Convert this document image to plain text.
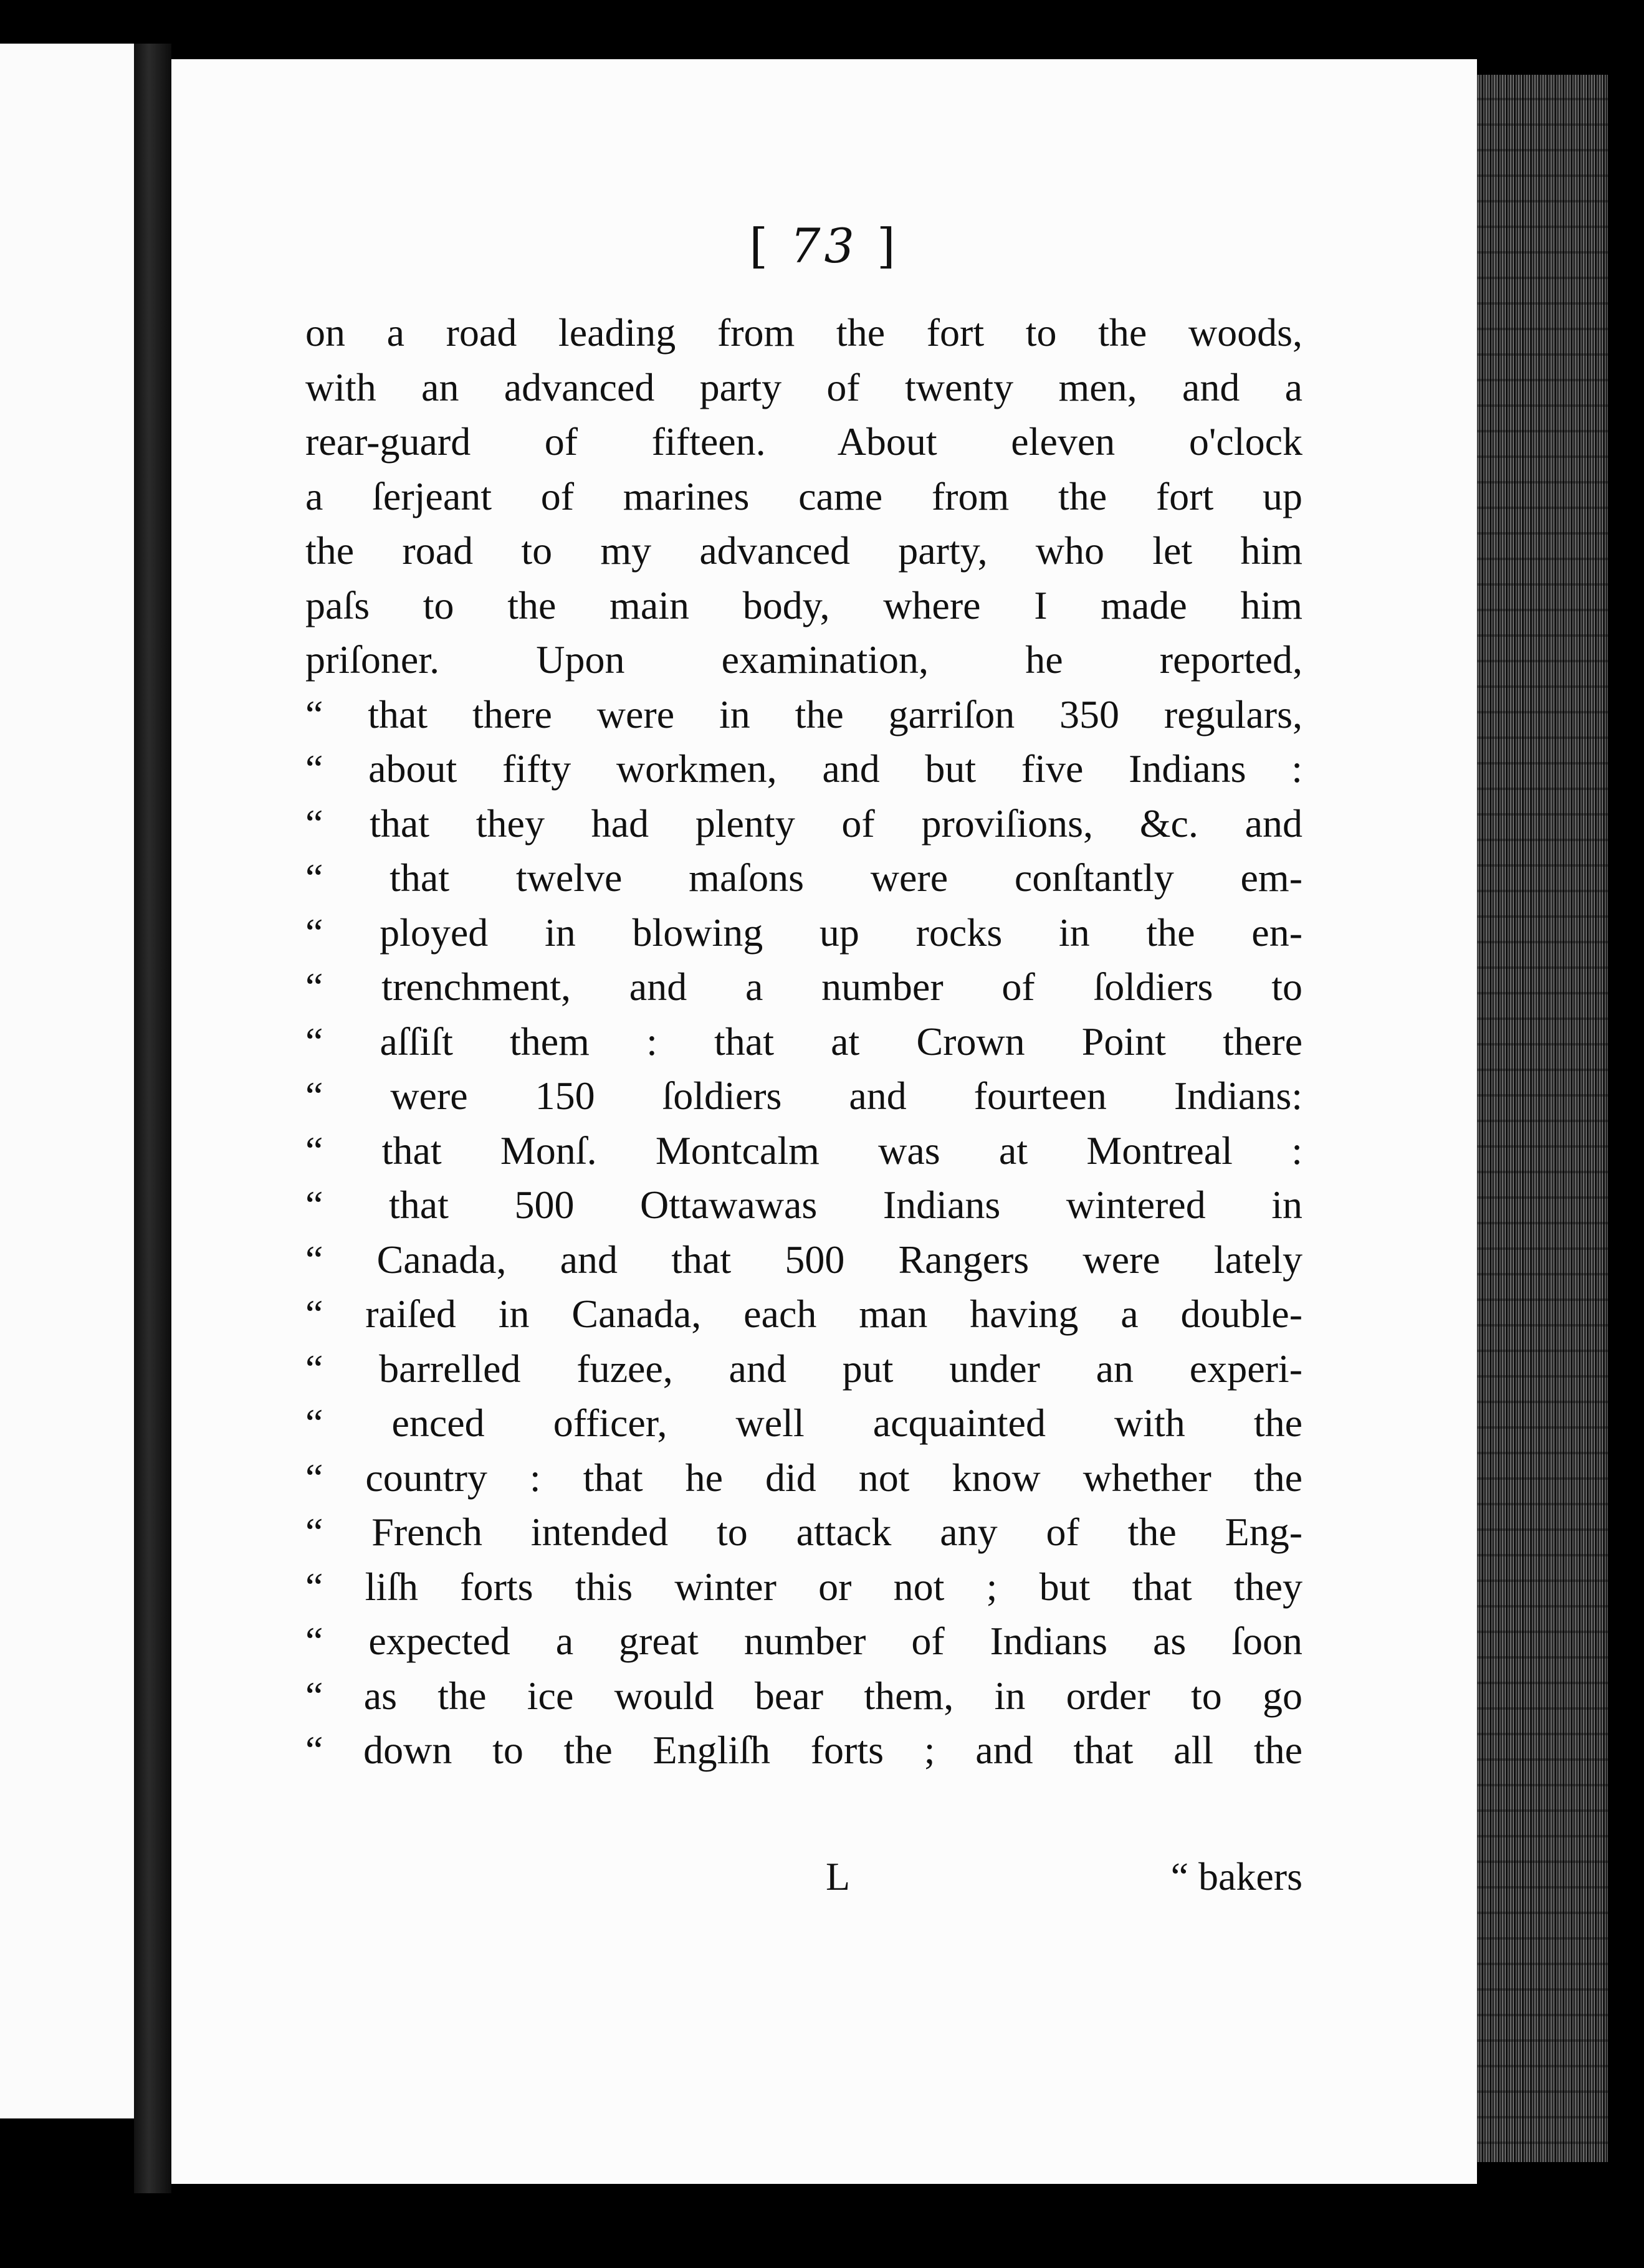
[ 73 ]
on a road leading from the fort to the woods,
with an advanced party of twenty men, and a
rear-guard of fifteen. About eleven o'clock
a ſerjeant of marines came from the fort up
the road to my advanced party, who let him
paſs to the main body, where I made him
priſoner. Upon examination, he reported,
“ that there were in the garriſon 350 regulars,
“ about fifty workmen, and but five Indians :
“ that they had plenty of proviſions, &c. and
“ that twelve maſons were conſtantly em-
“ ployed in blowing up rocks in the en-
“ trenchment, and a number of ſoldiers to
“ aſſiſt them : that at Crown Point there
“ were 150 ſoldiers and fourteen Indians:
“ that Monſ. Montcalm was at Montreal :
“ that 500 Ottawawas Indians wintered in
“ Canada, and that 500 Rangers were lately
“ raiſed in Canada, each man having a double-
“ barrelled fuzee, and put under an experi-
“ enced officer, well acquainted with the
“ country : that he did not know whether the
“ French intended to attack any of the Eng-
“ liſh forts this winter or not ; but that they
“ expected a great number of Indians as ſoon
“ as the ice would bear them, in order to go
“ down to the Engliſh forts ; and that all the
L	“ bakers
